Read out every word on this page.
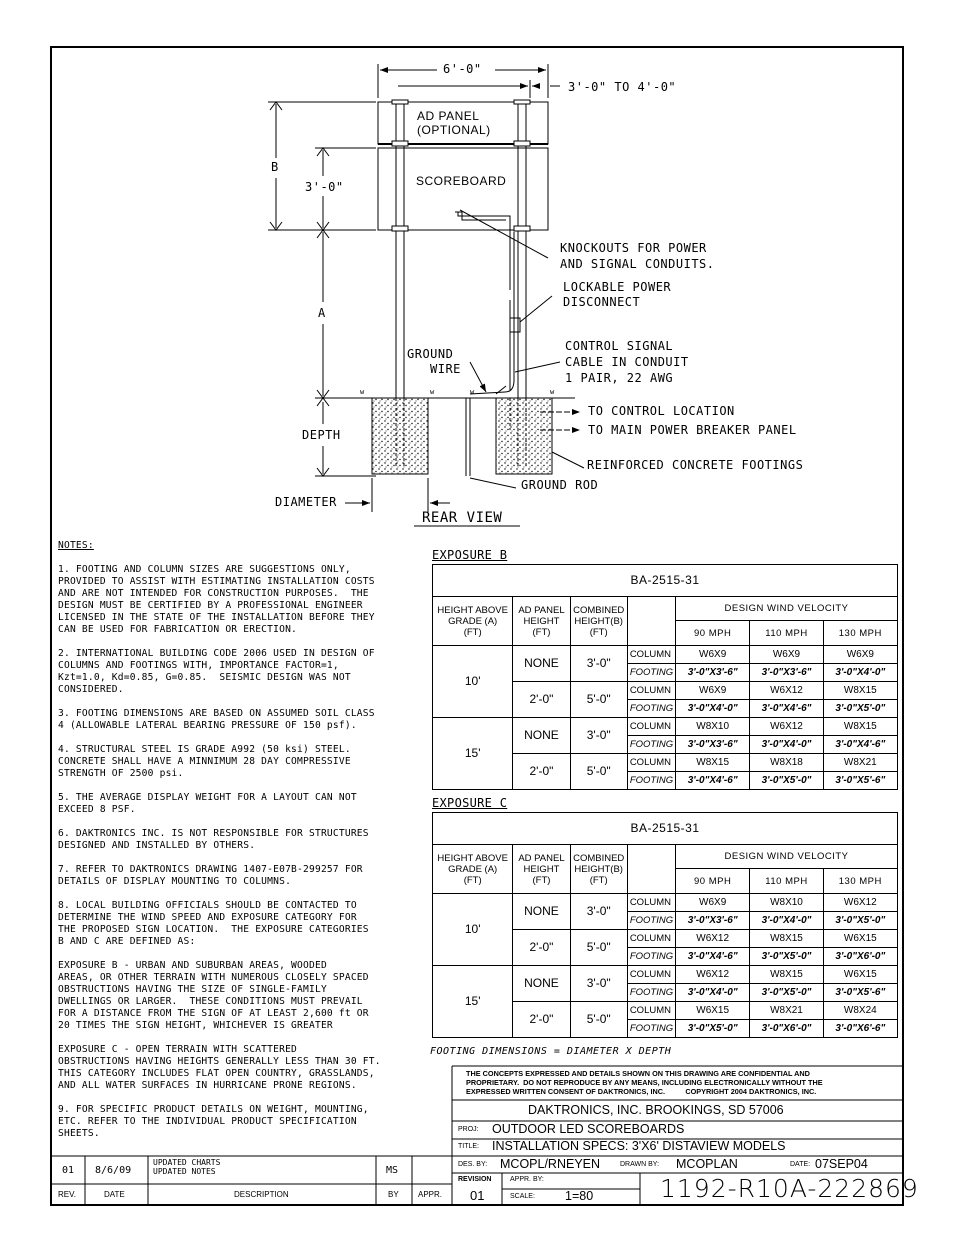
w	w	w	w
6'-0"
3'-0" TO 4'-0"
AD PANEL
(OPTIONAL)
SCOREBOARD
B
3'-0"
A
DEPTH
DIAMETER
KNOCKOUTS FOR POWER
AND SIGNAL CONDUITS.
LOCKABLE POWER
DISCONNECT
CONTROL SIGNAL
CABLE IN CONDUIT
1 PAIR, 22 AWG
GROUND
WIRE
TO CONTROL LOCATION
TO MAIN POWER BREAKER PANEL
REINFORCED CONCRETE FOOTINGS
GROUND ROD
REAR VIEW
NOTES:

1. FOOTING AND COLUMN SIZES ARE SUGGESTIONS ONLY,
PROVIDED TO ASSIST WITH ESTIMATING INSTALLATION COSTS
AND ARE NOT INTENDED FOR CONSTRUCTION PURPOSES.  THE
DESIGN MUST BE CERTIFIED BY A PROFESSIONAL ENGINEER
LICENSED IN THE STATE OF THE INSTALLATION BEFORE THEY
CAN BE USED FOR FABRICATION OR ERECTION.

2. INTERNATIONAL BUILDING CODE 2006 USED IN DESIGN OF
COLUMNS AND FOOTINGS WITH, IMPORTANCE FACTOR=1,
Kzt=1.0, Kd=0.85, G=0.85.  SEISMIC DESIGN WAS NOT
CONSIDERED.

3. FOOTING DIMENSIONS ARE BASED ON ASSUMED SOIL CLASS
4 (ALLOWABLE LATERAL BEARING PRESSURE OF 150 psf).

4. STRUCTURAL STEEL IS GRADE A992 (50 ksi) STEEL.
CONCRETE SHALL HAVE A MINNIMUM 28 DAY COMPRESSIVE
STRENGTH OF 2500 psi.

5. THE AVERAGE DISPLAY WEIGHT FOR A LAYOUT CAN NOT
EXCEED 8 PSF.

6. DAKTRONICS INC. IS NOT RESPONSIBLE FOR STRUCTURES
DESIGNED AND INSTALLED BY OTHERS.

7. REFER TO DAKTRONICS DRAWING 1407-E07B-299257 FOR
DETAILS OF DISPLAY MOUNTING TO COLUMNS.

8. LOCAL BUILDING OFFICIALS SHOULD BE CONTACTED TO
DETERMINE THE WIND SPEED AND EXPOSURE CATEGORY FOR
THE PROPOSED SIGN LOCATION.  THE EXPOSURE CATEGORIES
B AND C ARE DEFINED AS:

EXPOSURE B - URBAN AND SUBURBAN AREAS, WOODED
AREAS, OR OTHER TERRAIN WITH NUMEROUS CLOSELY SPACED
OBSTRUCTIONS HAVING THE SIZE OF SINGLE-FAMILY
DWELLINGS OR LARGER.  THESE CONDITIONS MUST PREVAIL
FOR A DISTANCE FROM THE SIGN OF AT LEAST 2,600 ft OR
20 TIMES THE SIGN HEIGHT, WHICHEVER IS GREATER

EXPOSURE C - OPEN TERRAIN WITH SCATTERED
OBSTRUCTIONS HAVING HEIGHTS GENERALLY LESS THAN 30 FT.
THIS CATEGORY INCLUDES FLAT OPEN COUNTRY, GRASSLANDS,
AND ALL WATER SURFACES IN HURRICANE PRONE REGIONS.

9. FOR SPECIFIC PRODUCT DETAILS ON WEIGHT, MOUNTING,
ETC. REFER TO THE INDIVIDUAL PRODUCT SPECIFICATION
SHEETS.

EXPOSURE B
BA-2515-31						
HEIGHT ABOVE
GRADE (A)
(FT)	AD PANEL
HEIGHT
(FT)	COMBINED
HEIGHT(B)
(FT)		DESIGN WIND VELOCITY		
				90 MPH	110 MPH	130 MPH
10'	NONE	3'-0"	COLUMN	W6X9	W6X9	W6X9
			FOOTING	3'-0"X3'-6"	3'-0"X3'-6"	3'-0"X4'-0"
	2'-0"	5'-0"	COLUMN	W6X9	W6X12	W8X15
			FOOTING	3'-0"X4'-0"	3'-0"X4'-6"	3'-0"X5'-0"
15'	NONE	3'-0"	COLUMN	W8X10	W6X12	W8X15
			FOOTING	3'-0"X3'-6"	3'-0"X4'-0"	3'-0"X4'-6"
	2'-0"	5'-0"	COLUMN	W8X15	W8X18	W8X21
			FOOTING	3'-0"X4'-6"	3'-0"X5'-0"	3'-0"X5'-6"
EXPOSURE C
BA-2515-31						
HEIGHT ABOVE
GRADE (A)
(FT)	AD PANEL
HEIGHT
(FT)	COMBINED
HEIGHT(B)
(FT)		DESIGN WIND VELOCITY		
				90 MPH	110 MPH	130 MPH
10'	NONE	3'-0"	COLUMN	W6X9	W8X10	W6X12
			FOOTING	3'-0"X3'-6"	3'-0"X4'-0"	3'-0"X5'-0"
	2'-0"	5'-0"	COLUMN	W6X12	W8X15	W6X15
			FOOTING	3'-0"X4'-6"	3'-0"X5'-0"	3'-0"X6'-0"
15'	NONE	3'-0"	COLUMN	W6X12	W8X15	W6X15
			FOOTING	3'-0"X4'-0"	3'-0"X5'-0"	3'-0"X5'-6"
	2'-0"	5'-0"	COLUMN	W6X15	W8X21	W8X24
			FOOTING	3'-0"X5'-0"	3'-0"X6'-0"	3'-0"X6'-6"
FOOTING DIMENSIONS = DIAMETER X DEPTH
01 8/6/09
UPDATED CHARTS
UPDATED NOTES	MS
REV.	DATE	DESCRIPTION	BY APPR.
THE CONCEPTS EXPRESSED AND DETAILS SHOWN ON THIS DRAWING ARE CONFIDENTIAL AND
PROPRIETARY.  DO NOT REPRODUCE BY ANY MEANS, INCLUDING ELECTRONICALLY WITHOUT THE
EXPRESSED WRITTEN CONSENT OF DAKTRONICS, INC.          COPYRIGHT 2004 DAKTRONICS, INC.
DAKTRONICS, INC. BROOKINGS, SD 57006
PROJ: OUTDOOR LED SCOREBOARDS
TITLE: INSTALLATION SPECS: 3'X6' DISTAVIEW MODELS
DES. BY: MCOPL/RNEYEN	DRAWN BY: MCOPLAN	DATE: 07SEP04
REVISION
01
APPR. BY:
SCALE: 1=80	1192-R10A-222869
